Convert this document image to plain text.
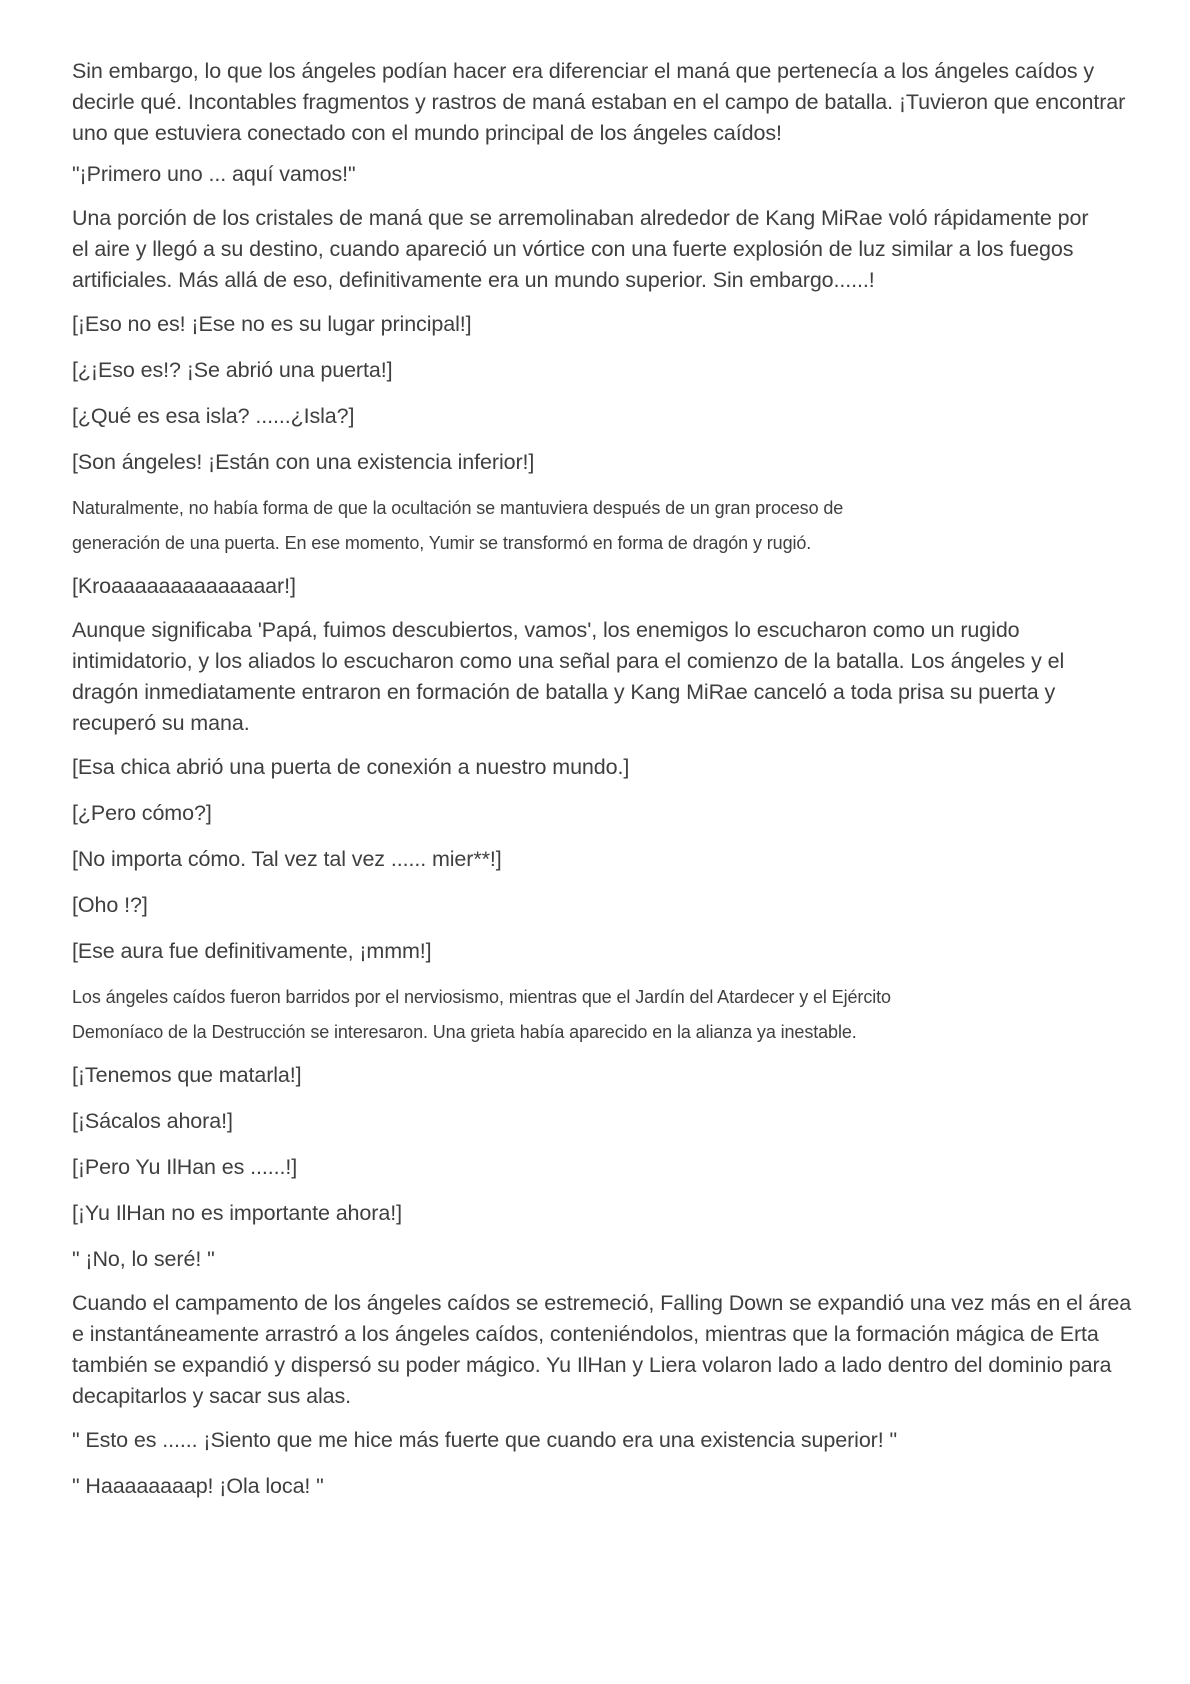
Sin embargo, lo que los ángeles podían hacer era diferenciar el maná que pertenecía a los ángeles caídos y decirle qué. Incontables fragmentos y rastros de maná estaban en el campo de batalla. ¡Tuvieron que encontrar uno que estuviera conectado con el mundo principal de los ángeles caídos!

"¡Primero uno ... aquí vamos!"

Una porción de los cristales de maná que se arremolinaban alrededor de Kang MiRae voló rápidamente por el aire y llegó a su destino, cuando apareció un vórtice con una fuerte explosión de luz similar a los fuegos artificiales. Más allá de eso, definitivamente era un mundo superior. Sin embargo......!

[¡Eso no es! ¡Ese no es su lugar principal!]

[¿¡Eso es!? ¡Se abrió una puerta!]

[¿Qué es esa isla? ......¿Isla?]

[Son ángeles! ¡Están con una existencia inferior!]

Naturalmente, no había forma de que la ocultación se mantuviera después de un gran proceso de generación de una puerta. En ese momento, Yumir se transformó en forma de dragón y rugió.

[Kroaaaaaaaaaaaaaar!]

Aunque significaba 'Papá, fuimos descubiertos, vamos', los enemigos lo escucharon como un rugido intimidatorio, y los aliados lo escucharon como una señal para el comienzo de la batalla. Los ángeles y el dragón inmediatamente entraron en formación de batalla y Kang MiRae canceló a toda prisa su puerta y recuperó su mana.

[Esa chica abrió una puerta de conexión a nuestro mundo.]

[¿Pero cómo?]

[No importa cómo. Tal vez tal vez ...... mier**!]

[Oho !?]

[Ese aura fue definitivamente, ¡mmm!]

Los ángeles caídos fueron barridos por el nerviosismo, mientras que el Jardín del Atardecer y el Ejército Demoníaco de la Destrucción se interesaron. Una grieta había aparecido en la alianza ya inestable.

[¡Tenemos que matarla!]

[¡Sácalos ahora!]

[¡Pero Yu IlHan es ......!]

[¡Yu IlHan no es importante ahora!]

" ¡No, lo seré! "

Cuando el campamento de los ángeles caídos se estremeció, Falling Down se expandió una vez más en el área e instantáneamente arrastró a los ángeles caídos, conteniéndolos, mientras que la formación mágica de Erta también se expandió y dispersó su poder mágico. Yu IlHan y Liera volaron lado a lado dentro del dominio para decapitarlos y sacar sus alas.

" Esto es ...... ¡Siento que me hice más fuerte que cuando era una existencia superior! "

" Haaaaaaaap! ¡Ola loca! "
